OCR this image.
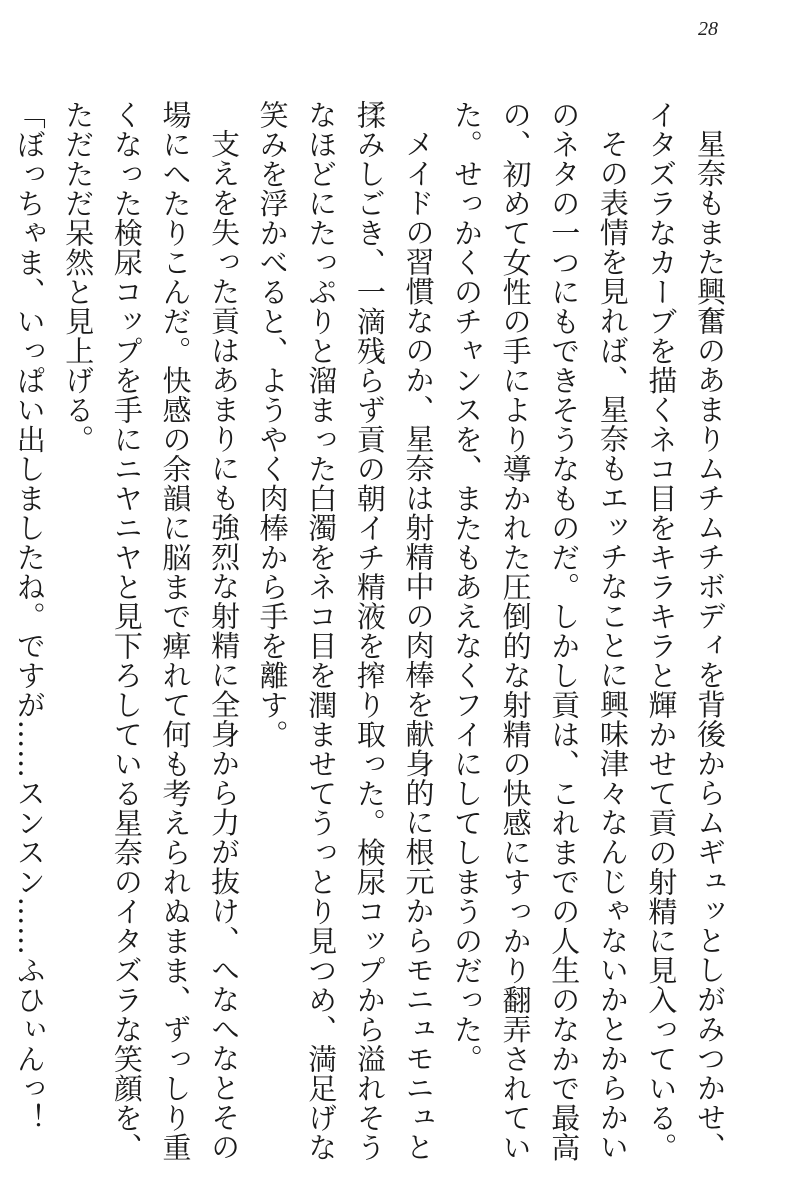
28

星奈もまた興奮のあまりムチムチボディを背後からムギュッとしがみつかせ、イタズラなカーブを描くネコ目をキラキラと輝かせて貢の射精に見入っている。

その表情を見れば、星奈もエッチなことに興味津々なんじゃないかとからかいのネタの一つにもできそうなものだ。しかし貢は、これまでの人生のなかで最高の、初めて女性の手により導かれた圧倒的な射精の快感にすっかり翻弄されていた。せっかくのチャンスを、またもあえなくフイにしてしまうのだった。

メイドの習慣なのか、星奈は射精中の肉棒を献身的に根元からモニュモニュと揉みしごき、一滴残らず貢の朝イチ精液を搾り取った。検尿コップから溢れそうなほどにたっぷりと溜まった白濁をネコ目を潤ませてうっとり見つめ、満足げな笑みを浮かべると、ようやく肉棒から手を離す。

支えを失った貢はあまりにも強烈な射精に全身から力が抜け、へなへなとその場にへたりこんだ。快感の余韻に脳まで痺れて何も考えられぬまま、ずっしり重くなった検尿コップを手にニヤニヤと見下ろしている星奈のイタズラな笑顔を、ただただ呆然と見上げる。

「ぼっちゃま、いっぱい出しましたね。ですが……スンスン……ふひぃんっ！　
